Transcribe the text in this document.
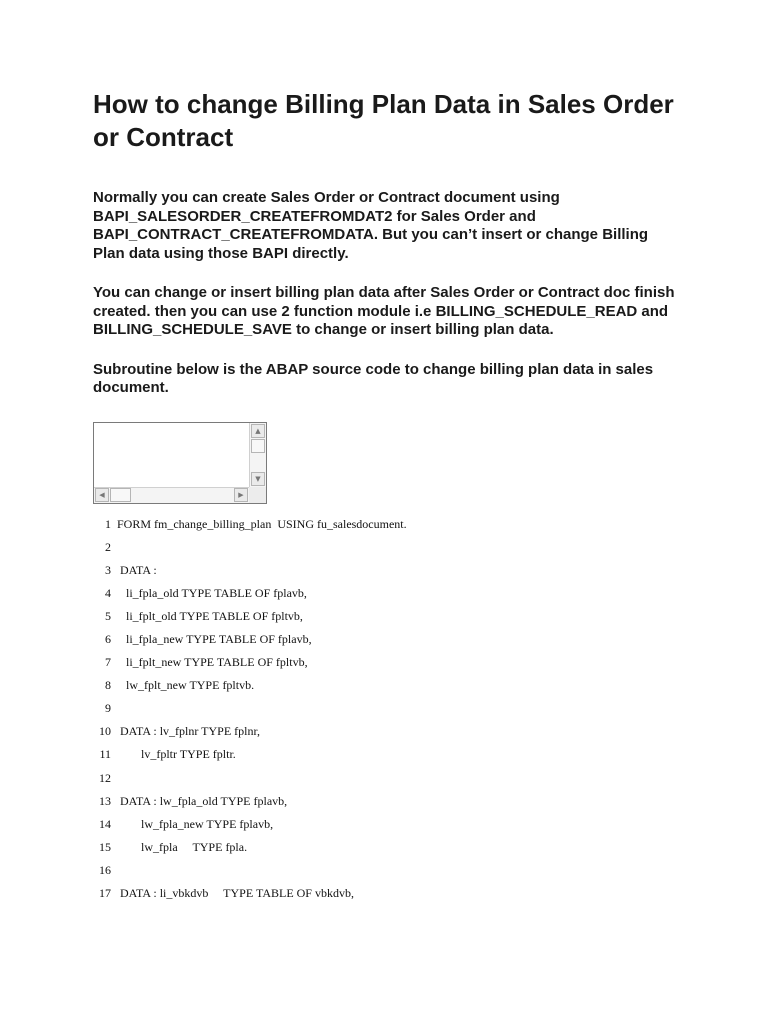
How to change Billing Plan Data in Sales Order or Contract

Normally you can create Sales Order or Contract document using BAPI_SALESORDER_CREATEFROMDAT2 for Sales Order and BAPI_CONTRACT_CREATEFROMDATA. But you can’t insert or change Billing Plan data using those BAPI directly.

You can change or insert billing plan data after Sales Order or Contract doc finish created. then you can use 2 function module i.e BILLING_SCHEDULE_READ and BILLING_SCHEDULE_SAVE to change or insert billing plan data.

Subroutine below is the ABAP source code to change billing plan data in sales document.

▲
▼
◀	▶
1 FORM fm_change_billing_plan  USING fu_salesdocument.
2
3 DATA :
4 li_fpla_old TYPE TABLE OF fplavb,
5 li_fplt_old TYPE TABLE OF fpltvb,
6 li_fpla_new TYPE TABLE OF fplavb,
7 li_fplt_new TYPE TABLE OF fpltvb,
8 lw_fplt_new TYPE fpltvb.
9
10 DATA : lv_fplnr TYPE fplnr,
11 lv_fpltr TYPE fpltr.
12
13 DATA : lw_fpla_old TYPE fplavb,
14 lw_fpla_new TYPE fplavb,
15 lw_fpla     TYPE fpla.
16
17 DATA : li_vbkdvb     TYPE TABLE OF vbkdvb,
